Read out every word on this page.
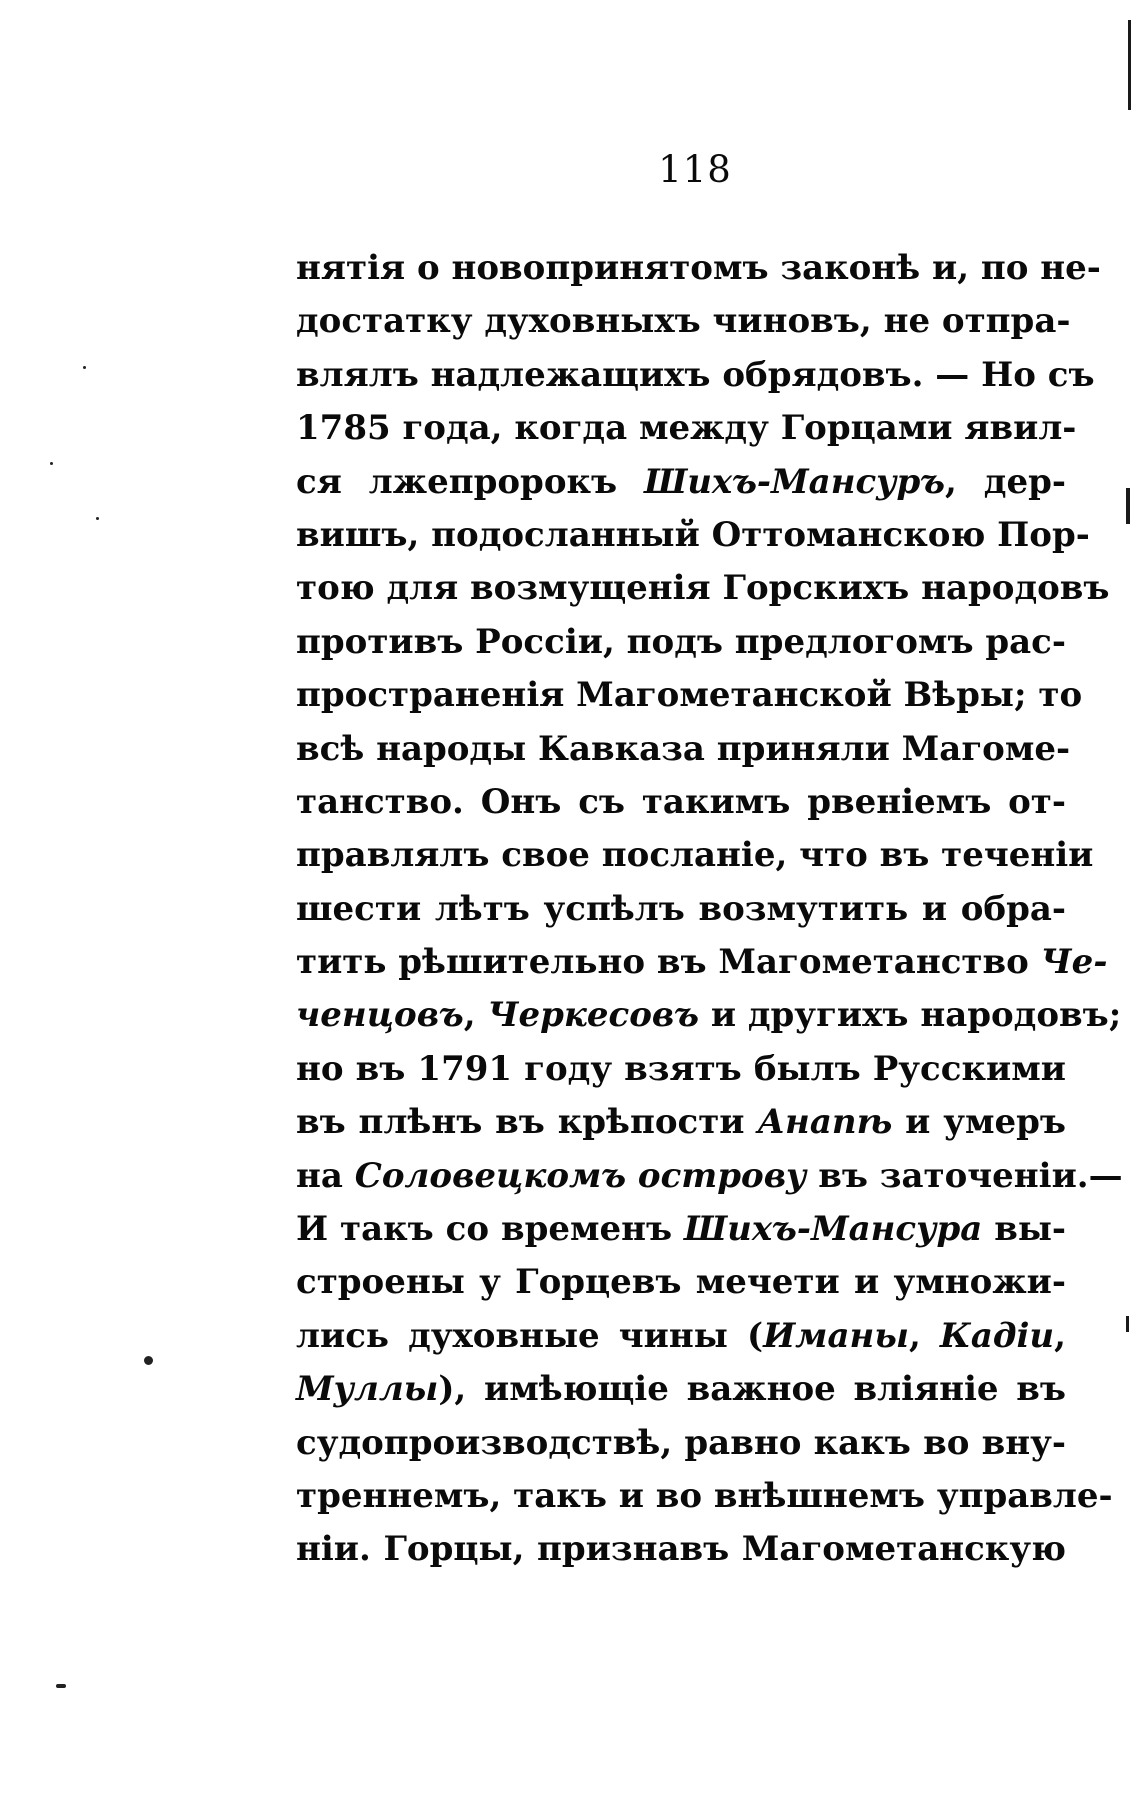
118
нятія о новопринятомъ законѣ и, по не-
достатку духовныхъ чиновъ, не отпра-
влялъ надлежащихъ обрядовъ. — Но съ
1785 года, когда между Горцами явил-
ся лжепророкъ Шихъ-Мансуръ, дер-
вишъ, подосланный Оттоманскою Пор-
тою для возмущенія Горскихъ народовъ
противъ Россіи, подъ предлогомъ рас-
пространенія Магометанской Вѣры; то
всѣ народы Кавказа приняли Магоме-
танство. Онъ съ такимъ рвеніемъ от-
правлялъ свое посланіе, что въ теченіи
шести лѣтъ успѣлъ возмутить и обра-
тить рѣшительно въ Магометанство Че-
ченцовъ, Черкесовъ и другихъ народовъ;
но въ 1791 году взятъ былъ Русскими
въ плѣнъ въ крѣпости Анапѣ и умеръ
на Соловецкомъ острову въ заточеніи.—
И такъ со временъ Шихъ-Мансура вы-
строены у Горцевъ мечети и умножи-
лись духовные чины (Иманы, Кадіи,
Муллы), имѣющіе важное вліяніе въ
судопроизводствѣ, равно какъ во вну-
треннемъ, такъ и во внѣшнемъ управле-
ніи. Горцы, признавъ Магометанскую
